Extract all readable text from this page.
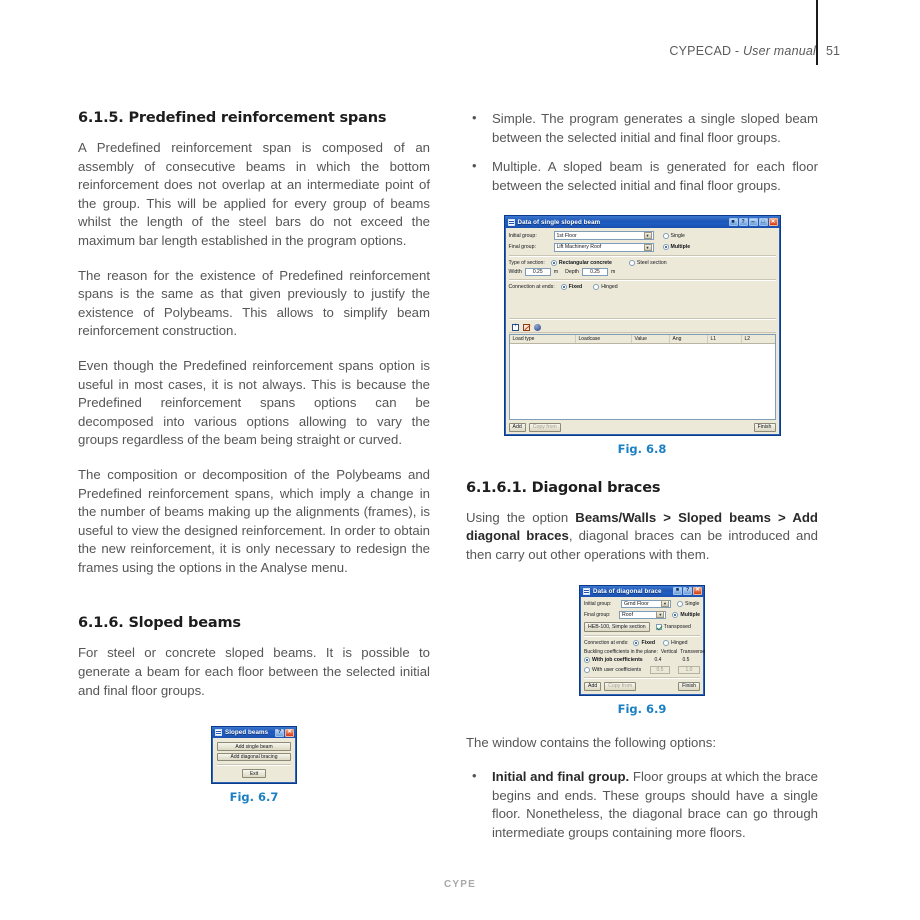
CYPECAD - User manual 51
6.1.5. Predefined reinforcement spans

A Predefined reinforcement span is composed of an assembly of consecutive beams in which the bottom reinforcement does not overlap at an intermediate point of the group. This will be applied for every group of beams whilst the length of the steel bars do not exceed the maximum bar length established in the program options.

The reason for the existence of Predefined reinforcement spans is the same as that given previously to justify the existence of Polybeams. This allows to simplify beam reinforcement construction.

Even though the Predefined reinforcement spans option is useful in most cases, it is not always. This is because the Predefined reinforcement spans options can be decomposed into various options allowing to vary the groups regardless of the beam being straight or curved.

The composition or decomposition of the Polybeams and Predefined reinforcement spans, which imply a change in the number of beams making up the alignments (frames), is useful to view the designed reinforcement. In order to obtain the new reinforcement, it is only necessary to redesign the frames using the options in the Analyse menu.

6.1.6. Sloped beams

For steel or concrete sloped beams. It is possible to generate a beam for each floor between the selected initial and final floor groups.

Sloped beams	?	✕
Add single beam Add diagonal bracing
Exit
Fig. 6.7
• Simple. The program generates a single sloped beam between the selected initial and final floor groups.
• Multiple. A sloped beam is generated for each floor between the selected initial and final floor groups.
Data of single sloped beam	■	? –	□	✕
Initial group:	1st Floor	▼	Single
Final group:	Lift Machinery Roof	▼	Multiple
Type of section:	Rectangular concrete	Steel section
Width	0.25	m Depth	0.25	m
Connection at ends:	Fixed	Hinged
+
Load type	Loadcase	Value	Ang	L1	L2
Add	Copy from	Finish
Fig. 6.8
6.1.6.1. Diagonal braces

Using the option Beams/Walls > Sloped beams > Add diagonal braces, diagonal braces can be introduced and then carry out other operations with them.

Data of diagonal brace	■	?	✕
Initial group:	Grnd Floor	▼	Single
Final group:	Roof	▼	Multiple
HEB-100, Simple section	Transposed
Connection at ends:	Fixed	Hinged
Buckling coefficients in the plane: Vertical Transverse
With job coefficients	0.4	0.5
With user coefficients	0.5	1.0
Add	Copy from	Finish
Fig. 6.9

The window contains the following options:

• Initial and final group. Floor groups at which the brace begins and ends. These groups should have a single floor. Nonetheless, the diagonal brace can go through intermediate groups containing more floors.
CYPE
